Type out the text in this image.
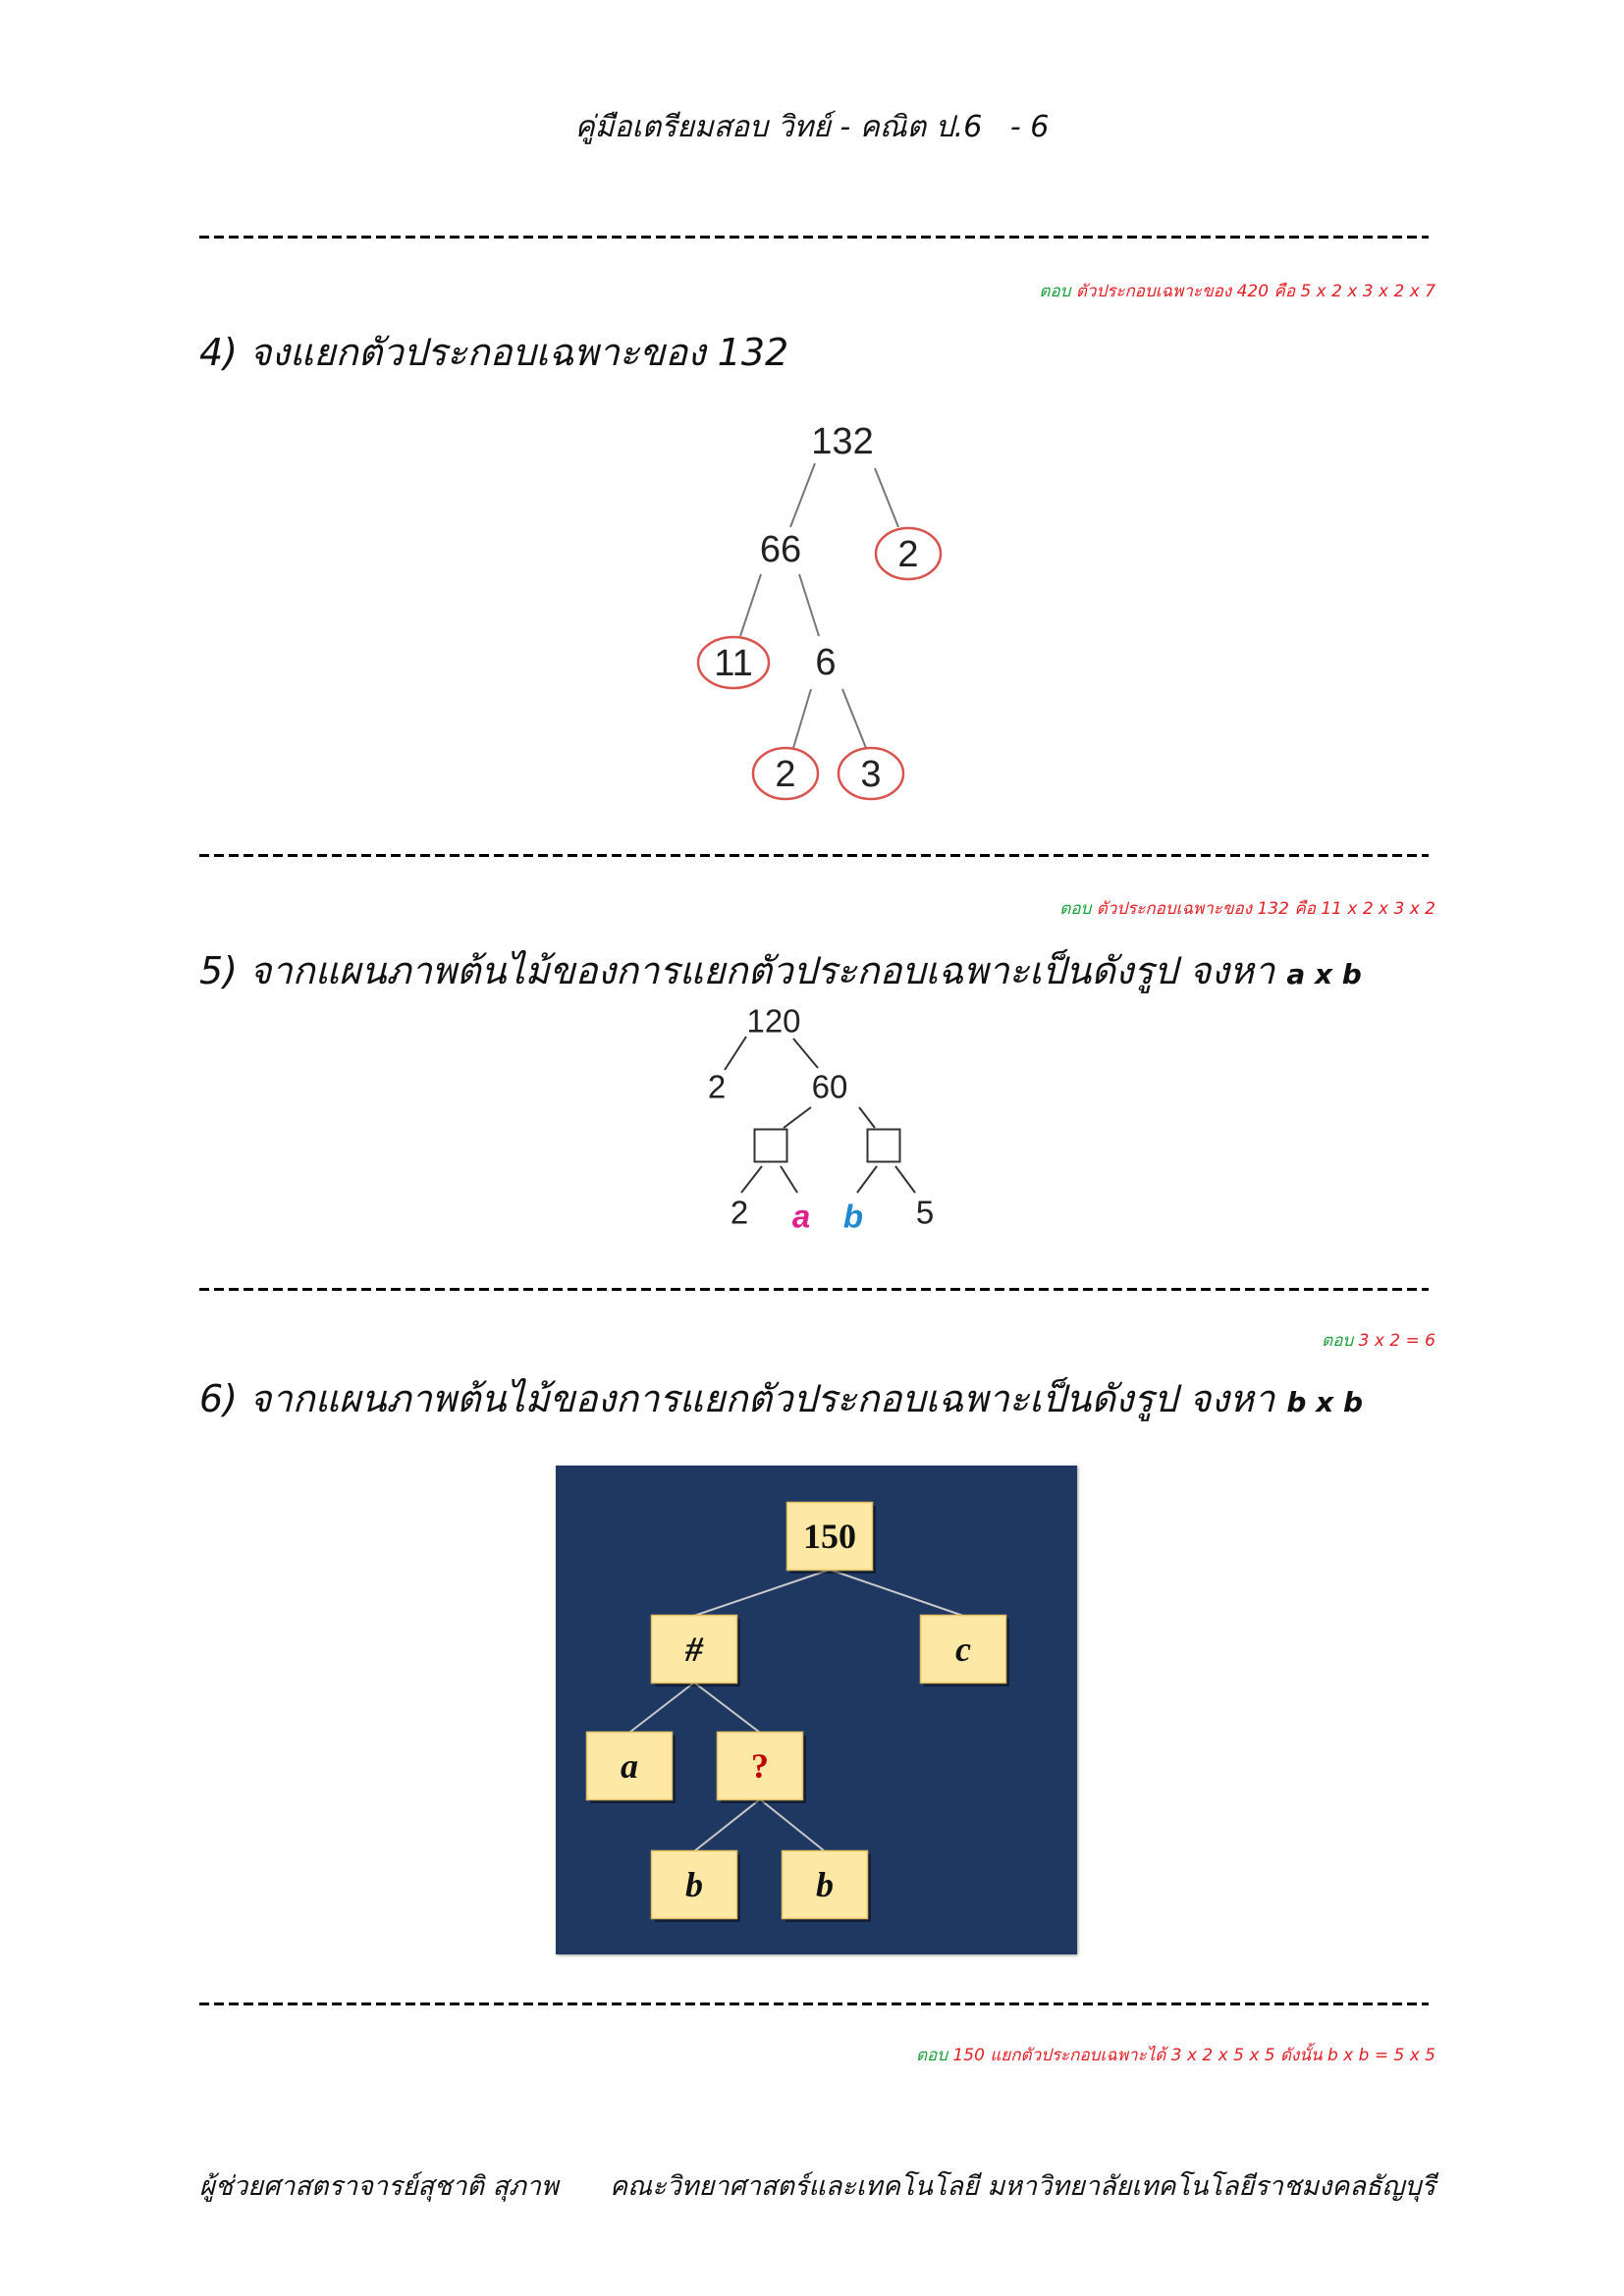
คู่มือเตรียมสอบ วิทย์ - คณิต ป.6   - 6
ตอบ ตัวประกอบเฉพาะของ 420 คือ 5 x 2 x 3 x 2 x 7
4) จงแยกตัวประกอบเฉพาะของ 132
132
66	2
11 6
2 3
ตอบ ตัวประกอบเฉพาะของ 132 คือ 11 x 2 x 3 x 2
5) จากแผนภาพต้นไม้ของการแยกตัวประกอบเฉพาะเป็นดังรูป จงหา a x b
120
2	60
2 a b 5
ตอบ 3 x 2 = 6
6) จากแผนภาพต้นไม้ของการแยกตัวประกอบเฉพาะเป็นดังรูป จงหา b x b
150
#	c
a	?
b	b
ตอบ 150 แยกตัวประกอบเฉพาะได้ 3 x 2 x 5 x 5 ดังนั้น b x b = 5 x 5
ผู้ช่วยศาสตราจารย์สุชาติ สุภาพ คณะวิทยาศาสตร์และเทคโนโลยี มหาวิทยาลัยเทคโนโลยีราชมงคลธัญบุรี
